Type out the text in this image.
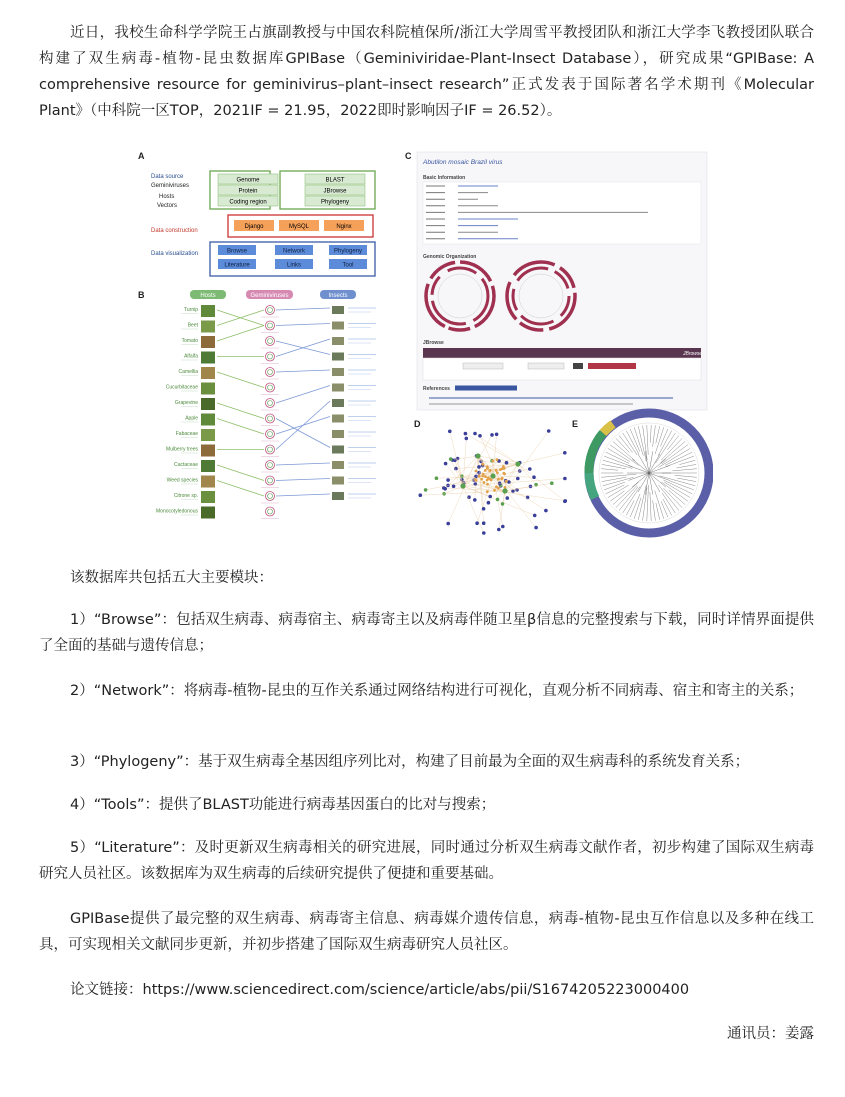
近日，我校生命科学学院王占旗副教授与中国农科院植保所/浙江大学周雪平教授团队和浙江大学李飞教授团队联合构建了双生病毒-植物-昆虫数据库GPIBase（Geminiviridae-Plant-Insect Database），研究成果“GPIBase: A comprehensive resource for geminivirus–plant–insect research”正式发表于国际著名学术期刊《Molecular Plant》（中科院一区TOP，2021IF = 21.95，2022即时影响因子IF = 26.52）。

A
Data source
Geminiviruses
Hosts
Vectors
Data construction
Data visualization
Genome
Protein
Coding region
BLAST
JBrowse
Phylogeny
Django	MySQL	Nginx
Browse	Network	Phylogeny
Literature	Links	Tool
B	Hosts	Geminiviruses	Insects
Turnip
Beet
Tomato
Alfalfa
Camellia
Cucurbitaceae
Grapevine
Apple
Fabaceae
Mulberry trees
Cactaceae
Weed species
Citrone sp.
Monocotyledonous
C
Abutilon mosaic Brazil virus
Basic Information
Genomic Organization
JBrowse
JBrowse
References
D	E

该数据库共包括五大主要模块：

1）“Browse”：包括双生病毒、病毒宿主、病毒寄主以及病毒伴随卫星β信息的完整搜索与下载，同时详情界面提供了全面的基础与遗传信息；

2）“Network”：将病毒-植物-昆虫的互作关系通过网络结构进行可视化，直观分析不同病毒、宿主和寄主的关系；

3）“Phylogeny”：基于双生病毒全基因组序列比对，构建了目前最为全面的双生病毒科的系统发育关系；

4）“Tools”：提供了BLAST功能进行病毒基因蛋白的比对与搜索；

5）“Literature”：及时更新双生病毒相关的研究进展，同时通过分析双生病毒文献作者，初步构建了国际双生病毒研究人员社区。该数据库为双生病毒的后续研究提供了便捷和重要基础。

GPIBase提供了最完整的双生病毒、病毒寄主信息、病毒媒介遗传信息，病毒-植物-昆虫互作信息以及多种在线工具，可实现相关文献同步更新，并初步搭建了国际双生病毒研究人员社区。

论文链接：https://www.sciencedirect.com/science/article/abs/pii/S1674205223000400

通讯员：姜露
